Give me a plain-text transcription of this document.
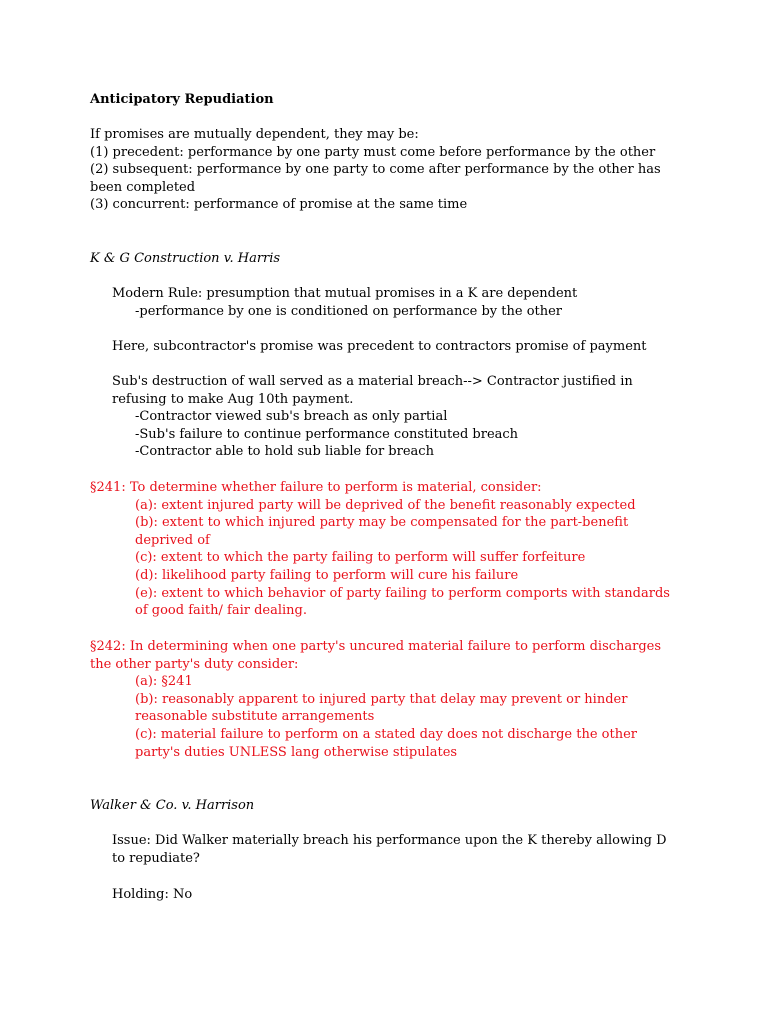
Anticipatory Repudiation
If promises are mutually dependent, they may be:
(1) precedent: performance by one party must come before performance by the other
(2) subsequent: performance by one party to come after performance by the other has been completed
(3) concurrent: performance of promise at the same time
K & G Construction v. Harris
Modern Rule: presumption that mutual promises in a K are dependent
-performance by one is conditioned on performance by the other
Here, subcontractor's promise was precedent to contractors promise of payment
Sub's destruction of wall served as a material breach--> Contractor justified in refusing to make Aug 10th payment.
-Contractor viewed sub's breach as only partial
-Sub's failure to continue performance constituted breach
-Contractor able to hold sub liable for breach
§241: To determine whether failure to perform is material, consider:
(a): extent injured party will be deprived of the benefit reasonably expected
(b): extent to which injured party may be compensated for the part-benefit deprived of
(c): extent to which the party failing to perform will suffer forfeiture
(d): likelihood party failing to perform will cure his failure
(e): extent to which behavior of party failing to perform comports with standards of good faith/ fair dealing.
§242: In determining when one party's uncured material failure to perform discharges the other party's duty consider:
(a): §241
(b): reasonably apparent to injured party that delay may prevent or hinder reasonable substitute arrangements
(c): material failure to perform on a stated day does not discharge the other party's duties UNLESS lang otherwise stipulates
Walker & Co. v. Harrison
Issue: Did Walker materially breach his performance upon the K thereby allowing D to repudiate?
Holding: No
